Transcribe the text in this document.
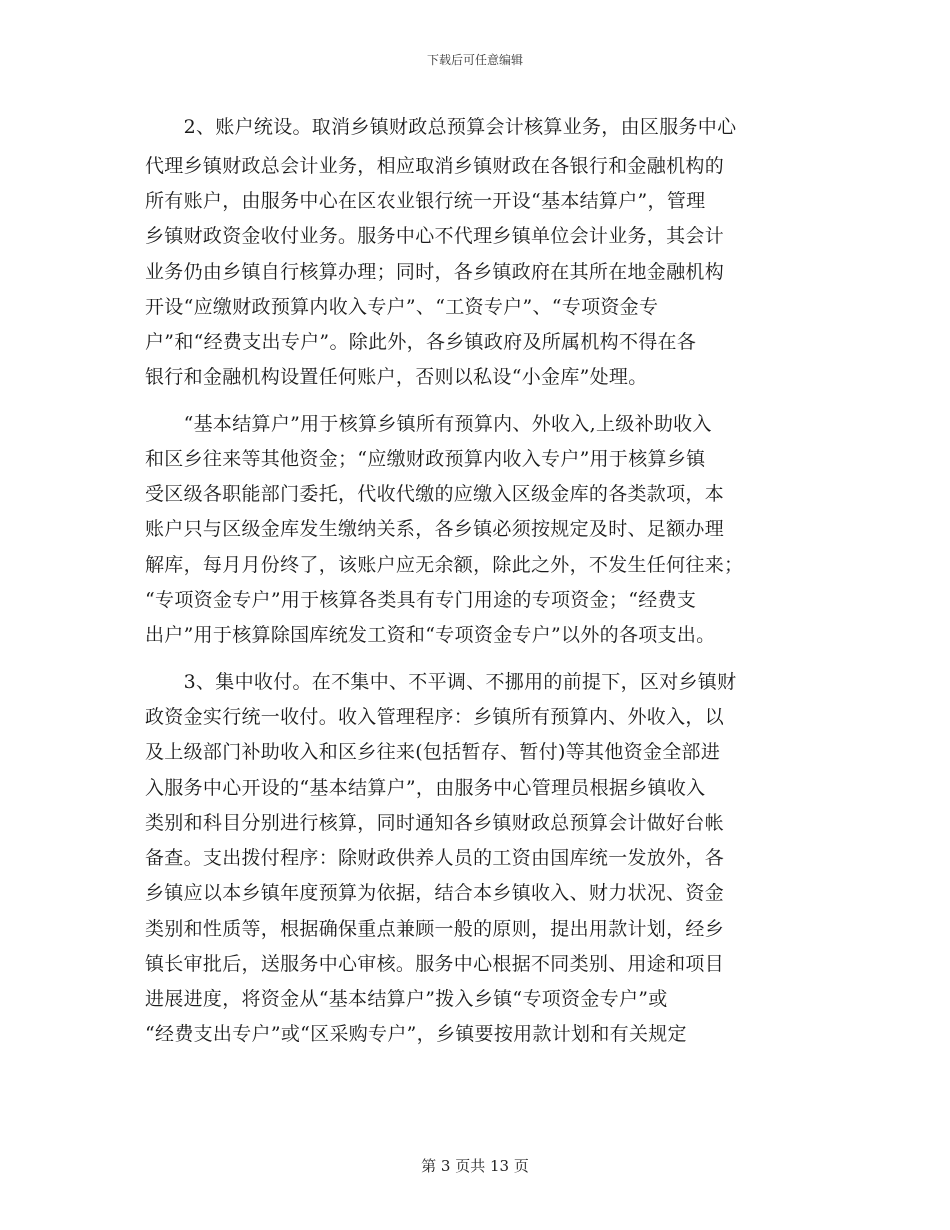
下载后可任意编辑
　　2、账户统设。取消乡镇财政总预算会计核算业务，由区服务中心
代理乡镇财政总会计业务，相应取消乡镇财政在各银行和金融机构的
所有账户，由服务中心在区农业银行统一开设“基本结算户”，管理
乡镇财政资金收付业务。服务中心不代理乡镇单位会计业务，其会计
业务仍由乡镇自行核算办理；同时，各乡镇政府在其所在地金融机构
开设“应缴财政预算内收入专户”、“工资专户”、“专项资金专
户”和“经费支出专户”。除此外，各乡镇政府及所属机构不得在各
银行和金融机构设置任何账户，否则以私设“小金库”处理。
　　“基本结算户”用于核算乡镇所有预算内、外收入,上级补助收入
和区乡往来等其他资金；“应缴财政预算内收入专户”用于核算乡镇
受区级各职能部门委托，代收代缴的应缴入区级金库的各类款项，本
账户只与区级金库发生缴纳关系，各乡镇必须按规定及时、足额办理
解库，每月月份终了，该账户应无余额，除此之外，不发生任何往来；
“专项资金专户”用于核算各类具有专门用途的专项资金；“经费支
出户”用于核算除国库统发工资和“专项资金专户”以外的各项支出。
　　3、集中收付。在不集中、不平调、不挪用的前提下，区对乡镇财
政资金实行统一收付。收入管理程序：乡镇所有预算内、外收入，以
及上级部门补助收入和区乡往来(包括暂存、暂付)等其他资金全部进
入服务中心开设的“基本结算户”，由服务中心管理员根据乡镇收入
类别和科目分别进行核算，同时通知各乡镇财政总预算会计做好台帐
备查。支出拨付程序：除财政供养人员的工资由国库统一发放外，各
乡镇应以本乡镇年度预算为依据，结合本乡镇收入、财力状况、资金
类别和性质等，根据确保重点兼顾一般的原则，提出用款计划，经乡
镇长审批后，送服务中心审核。服务中心根据不同类别、用途和项目
进展进度，将资金从“基本结算户”拨入乡镇“专项资金专户”或
“经费支出专户”或“区采购专户”，乡镇要按用款计划和有关规定
第 3 页共 13 页
